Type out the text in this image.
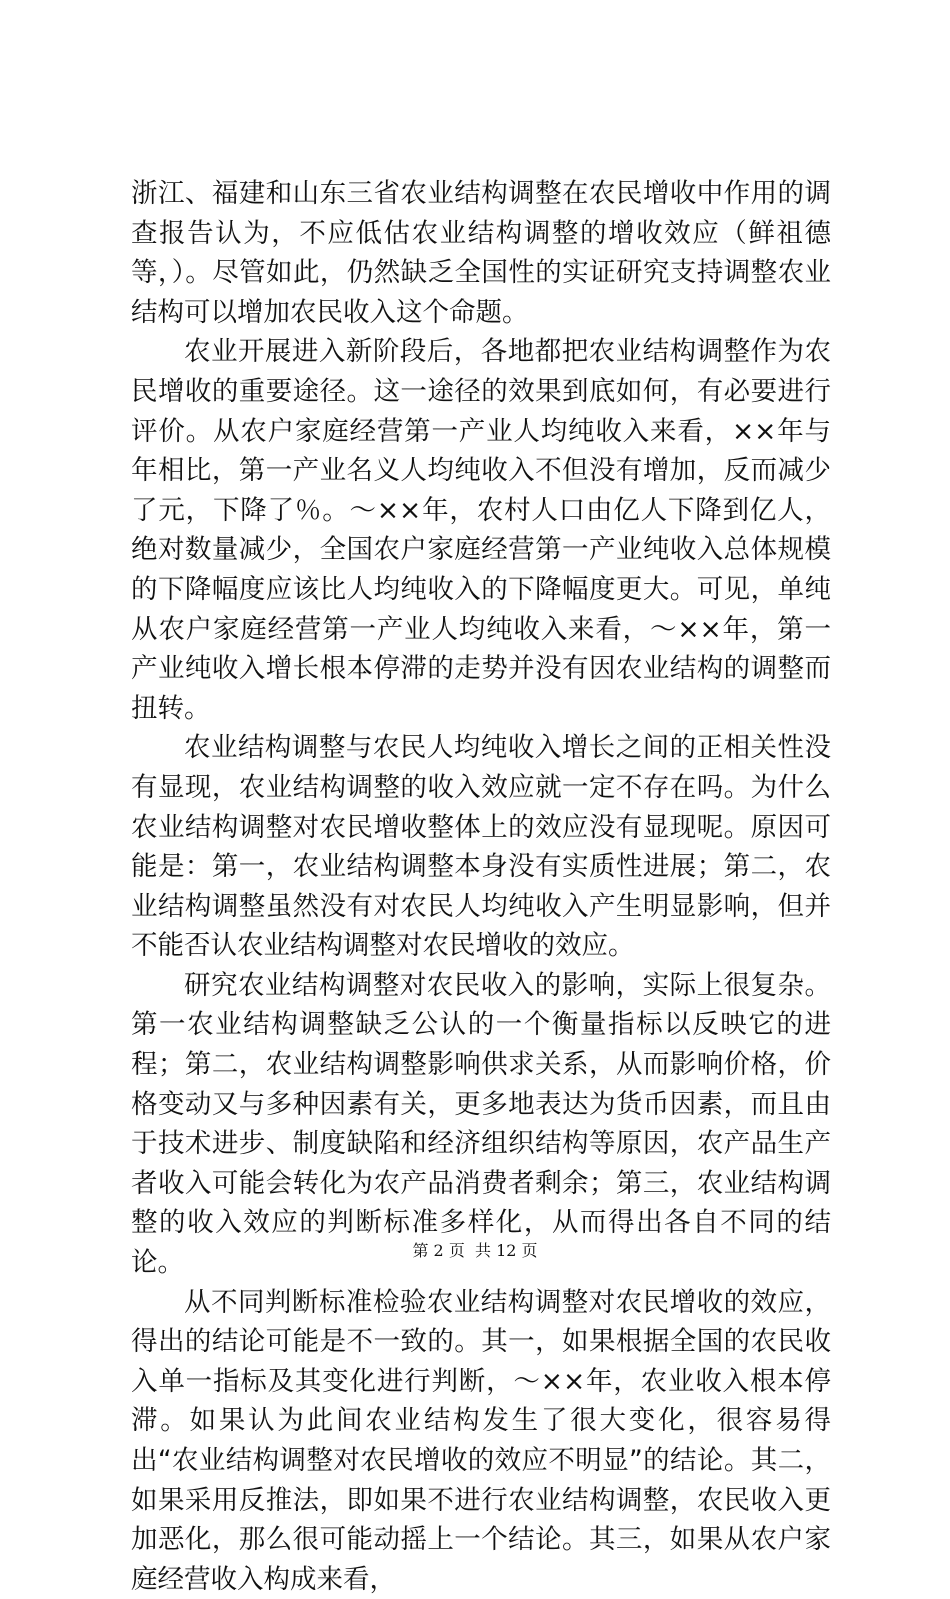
浙江、福建和山东三省农业结构调整在农民增收中作用的调查报告认为，不应低估农业结构调整的增收效应（鲜祖德等，）。尽管如此，仍然缺乏全国性的实证研究支持调整农业结构可以增加农民收入这个命题。

农业开展进入新阶段后，各地都把农业结构调整作为农民增收的重要途径。这一途径的效果到底如何，有必要进行评价。从农户家庭经营第一产业人均纯收入来看，××年与年相比，第一产业名义人均纯收入不但没有增加，反而减少了元，下降了％。～××年，农村人口由亿人下降到亿人，绝对数量减少，全国农户家庭经营第一产业纯收入总体规模的下降幅度应该比人均纯收入的下降幅度更大。可见，单纯从农户家庭经营第一产业人均纯收入来看，～××年，第一产业纯收入增长根本停滞的走势并没有因农业结构的调整而扭转。

农业结构调整与农民人均纯收入增长之间的正相关性没有显现，农业结构调整的收入效应就一定不存在吗。为什么农业结构调整对农民增收整体上的效应没有显现呢。原因可能是：第一，农业结构调整本身没有实质性进展；第二，农业结构调整虽然没有对农民人均纯收入产生明显影响，但并不能否认农业结构调整对农民增收的效应。

研究农业结构调整对农民收入的影响，实际上很复杂。第一农业结构调整缺乏公认的一个衡量指标以反映它的进程；第二，农业结构调整影响供求关系，从而影响价格，价格变动又与多种因素有关，更多地表达为货币因素，而且由于技术进步、制度缺陷和经济组织结构等原因，农产品生产者收入可能会转化为农产品消费者剩余；第三，农业结构调整的收入效应的判断标准多样化，从而得出各自不同的结论。

从不同判断标准检验农业结构调整对农民增收的效应，得出的结论可能是不一致的。其一，如果根据全国的农民收入单一指标及其变化进行判断，～××年，农业收入根本停滞。如果认为此间农业结构发生了很大变化，很容易得出“农业结构调整对农民增收的效应不明显”的结论。其二，如果采用反推法，即如果不进行农业结构调整，农民收入更加恶化，那么很可能动摇上一个结论。其三，如果从农户家庭经营收入构成来看，

第 2 页  共 12 页
